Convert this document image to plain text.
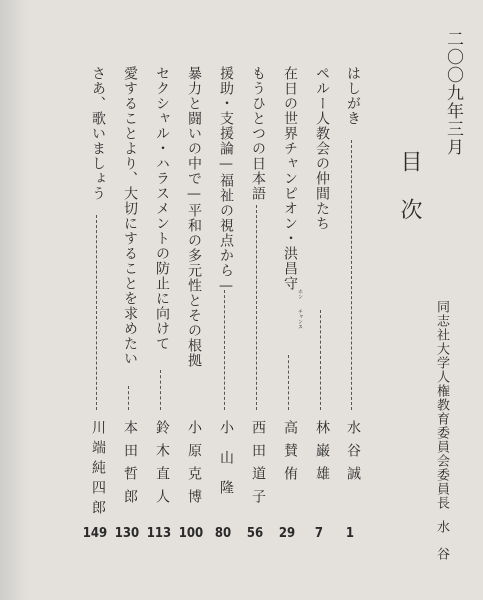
二〇〇九年三月
目次
同志社大学人権教育委員会委員長
水谷
はしがき
水谷誠
1
ペルー人教会の仲間たち
林巌雄
7
在日の世界チャンピオン・洪昌守
ホン
チャンス
高賛侑
29
もうひとつの日本語
西田道子
56
援助・支援論—福祉の視点から—
小山隆
80
暴力と闘いの中で—平和の多元性とその根拠
小原克博
100
セクシャル・ハラスメントの防止に向けて
鈴木直人
113
愛することより、大切にすることを求めたい
本田哲郎
130
さあ、歌いましょう
川端純四郎
149
